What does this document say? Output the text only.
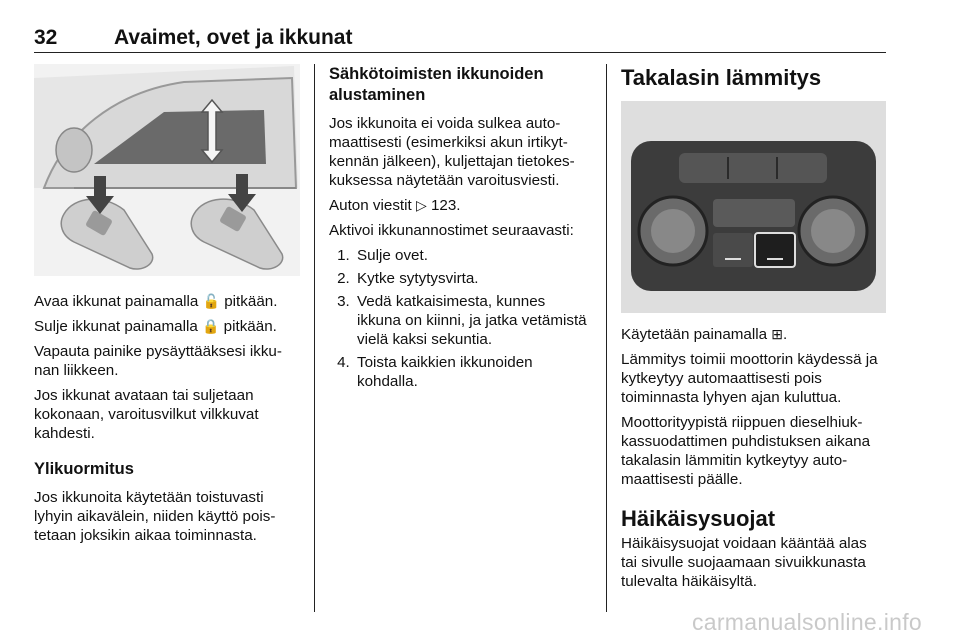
32	Avaimet, ovet ja ikkunat

Avaa ikkunat painamalla 🔓 pitkään.

Sulje ikkunat painamalla 🔒 pitkään.

Vapauta painike pysäyttääksesi ikku-nan liikkeen.

Jos ikkunat avataan tai suljetaan kokonaan, varoitusvilkut vilkkuvat kahdesti.

Ylikuormitus

Jos ikkunoita käytetään toistuvasti lyhyin aikavälein, niiden käyttö pois-tetaan joksikin aikaa toiminnasta.

Sähkötoimisten ikkunoiden alustaminen

Jos ikkunoita ei voida sulkea auto-maattisesti (esimerkiksi akun irtikyt-kennän jälkeen), kuljettajan tietokes-kuksessa näytetään varoitusviesti.

Auton viestit ▷ 123.

Aktivoi ikkunannostimet seuraavasti:

1. Sulje ovet.
2. Kytke sytytysvirta.
3. Vedä katkaisimesta, kunnes ikkuna on kiinni, ja jatka vetämistä vielä kaksi sekuntia.
4. Toista kaikkien ikkunoiden kohdalla.
Takalasin lämmitys

Käytetään painamalla ⊞.

Lämmitys toimii moottorin käydessä ja kytkeytyy automaattisesti pois toiminnasta lyhyen ajan kuluttua.

Moottorityypistä riippuen dieselhiuk-kassuodattimen puhdistuksen aikana takalasin lämmitin kytkeytyy auto-maattisesti päälle.

Häikäisysuojat

Häikäisysuojat voidaan kääntää alas tai sivulle suojaamaan sivuikkunasta tulevalta häikäisyltä.

carmanualsonline.info
